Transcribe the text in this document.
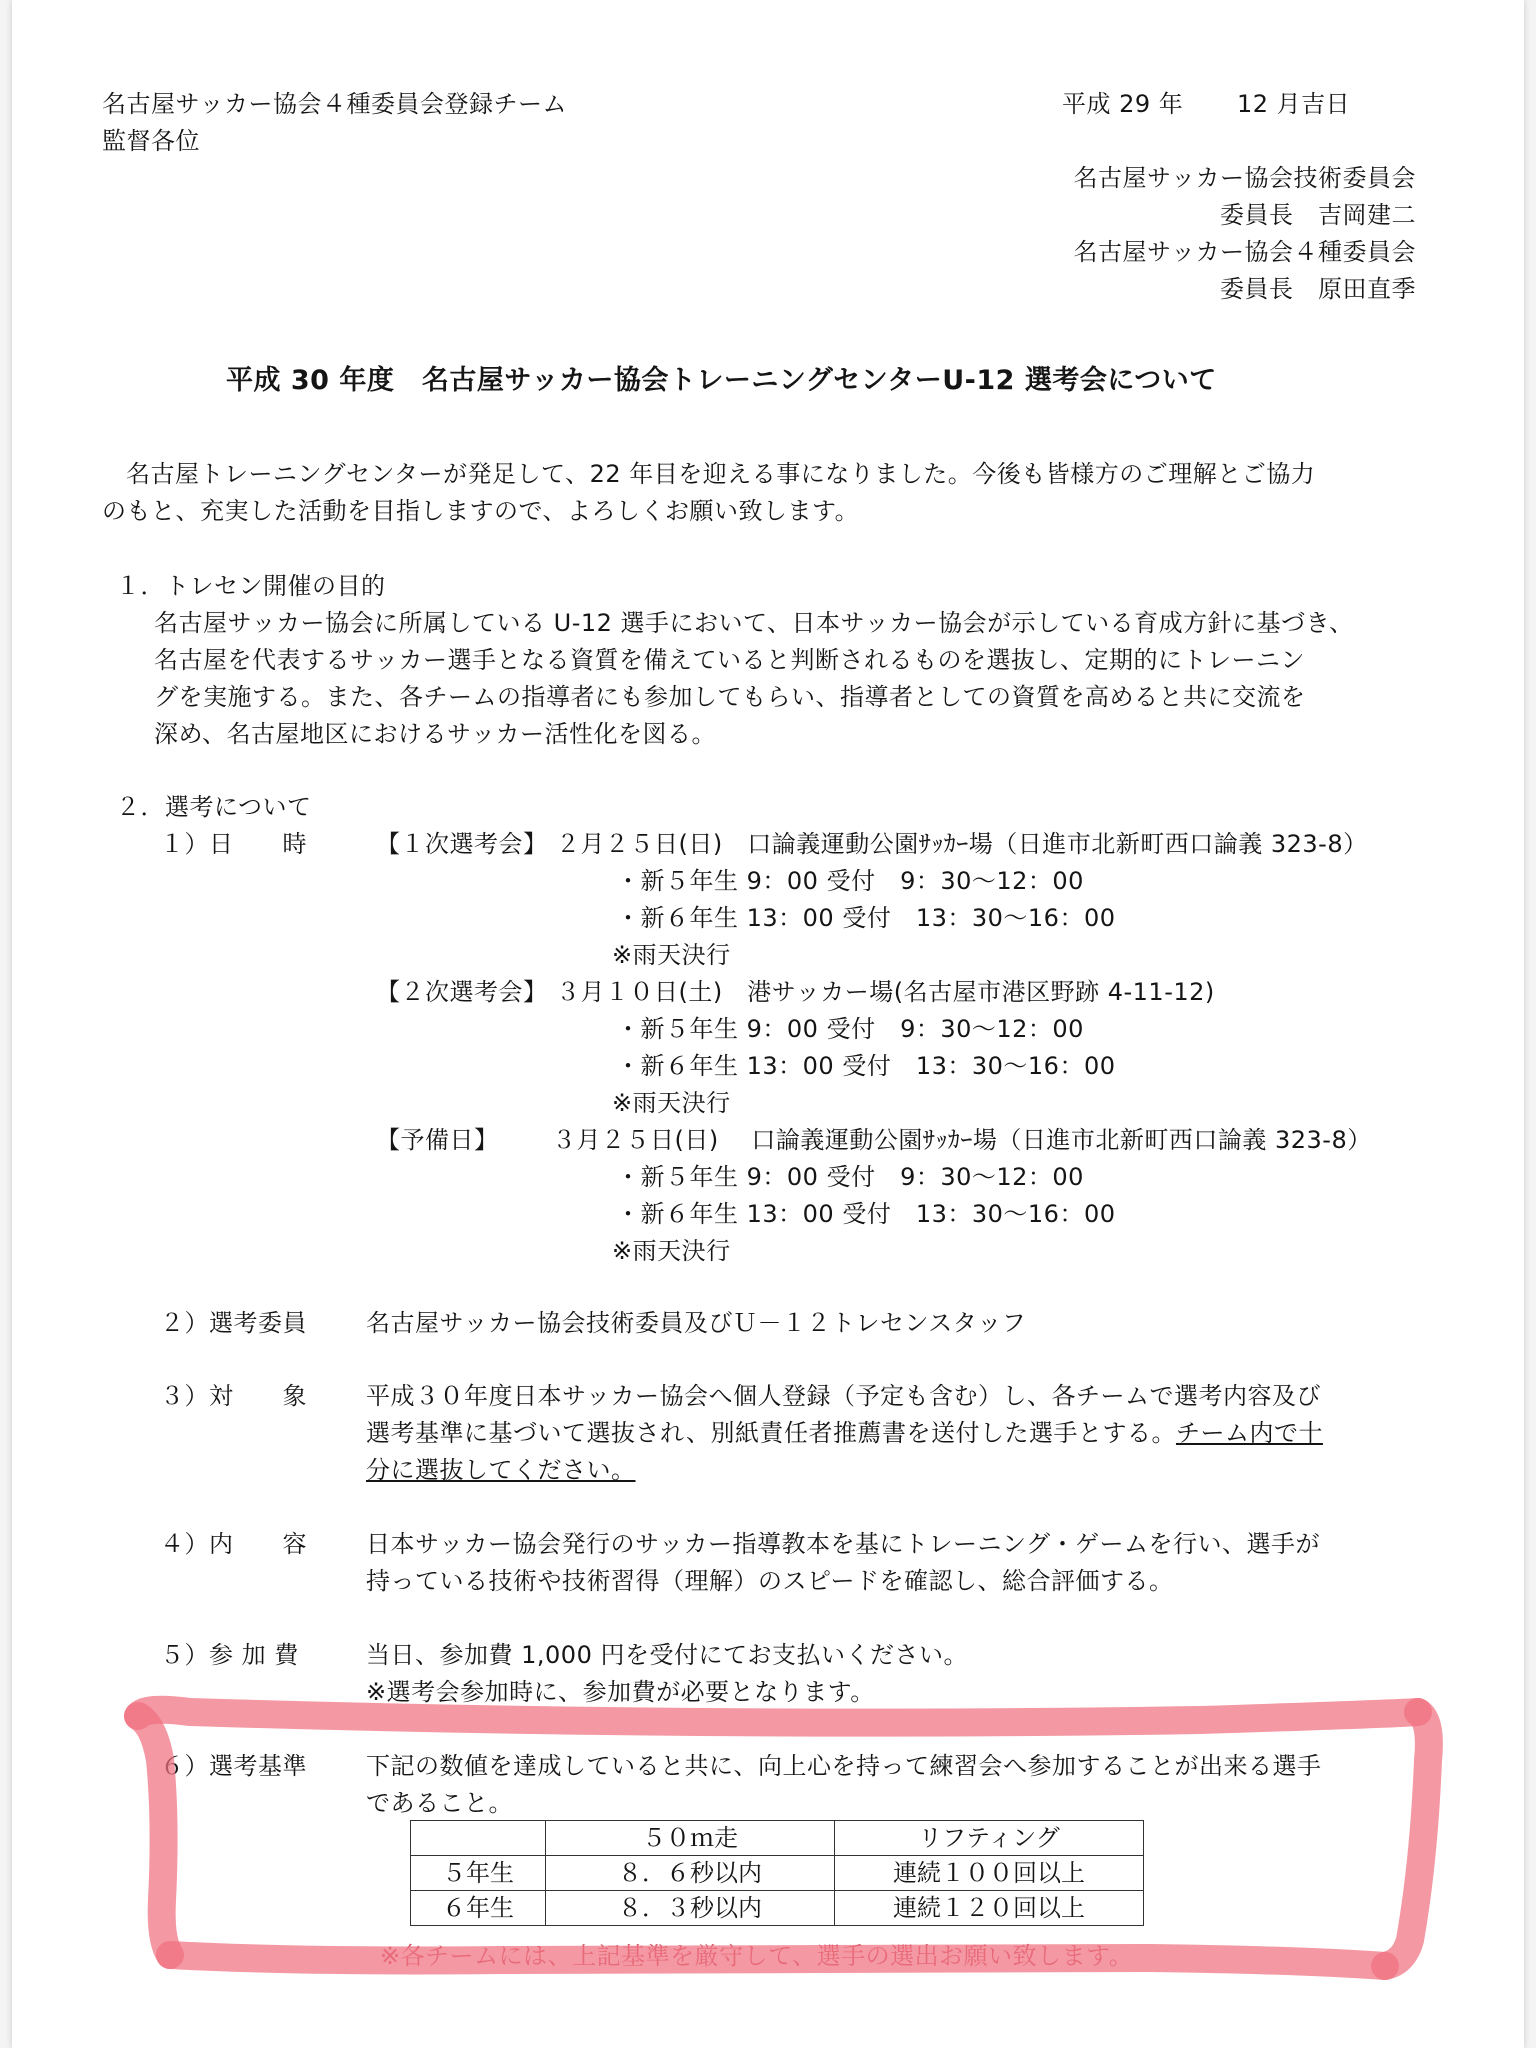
名古屋サッカー協会４種委員会登録チーム
監督各位
平成 29 年 12 月吉日
名古屋サッカー協会技術委員会
委員長　吉岡建二
名古屋サッカー協会４種委員会
委員長　原田直季
平成 30 年度　名古屋サッカー協会トレーニングセンターU-12 選考会について
名古屋トレーニングセンターが発足して、22 年目を迎える事になりました。今後も皆様方のご理解とご協力
のもと、充実した活動を目指しますので、よろしくお願い致します。
１．トレセン開催の目的
名古屋サッカー協会に所属している U-12 選手において、日本サッカー協会が示している育成方針に基づき、
名古屋を代表するサッカー選手となる資質を備えていると判断されるものを選抜し、定期的にトレーニン
グを実施する。また、各チームの指導者にも参加してもらい、指導者としての資質を高めると共に交流を
深め、名古屋地区におけるサッカー活性化を図る。
２．選考について
１）日　　時	【１次選考会】 ２月２５日(日)　口論義運動公園ｻｯｶｰ場（日進市北新町西口論義 323-8）
・新５年生 9：00 受付　9：30〜12：00
・新６年生 13：00 受付　13：30〜16：00
※雨天決行
【２次選考会】 ３月１０日(土)　港サッカー場(名古屋市港区野跡 4-11-12)
・新５年生 9：00 受付　9：30〜12：00
・新６年生 13：00 受付　13：30〜16：00
※雨天決行
【予備日】 ３月２５日(日)　 口論義運動公園ｻｯｶｰ場（日進市北新町西口論義 323-8）
・新５年生 9：00 受付　9：30〜12：00
・新６年生 13：00 受付　13：30〜16：00
※雨天決行
２）選考委員 名古屋サッカー協会技術委員及びＵ－１２トレセンスタッフ
３）対　　象 平成３０年度日本サッカー協会へ個人登録（予定も含む）し、各チームで選考内容及び
選考基準に基づいて選抜され、別紙責任者推薦書を送付した選手とする。チーム内で十
分に選抜してください。
４）内　　容 日本サッカー協会発行のサッカー指導教本を基にトレーニング・ゲームを行い、選手が
持っている技術や技術習得（理解）のスピードを確認し、総合評価する。
５）参 加 費	当日、参加費 1,000 円を受付にてお支払いください。
※選考会参加時に、参加費が必要となります。
６）選考基準 下記の数値を達成していると共に、向上心を持って練習会へ参加することが出来る選手
であること。
	５０ｍ走	リフティング
５年生	８．６秒以内	連続１００回以上
６年生	８．３秒以内	連続１２０回以上
※各チームには、上記基準を厳守して、選手の選出お願い致します。
